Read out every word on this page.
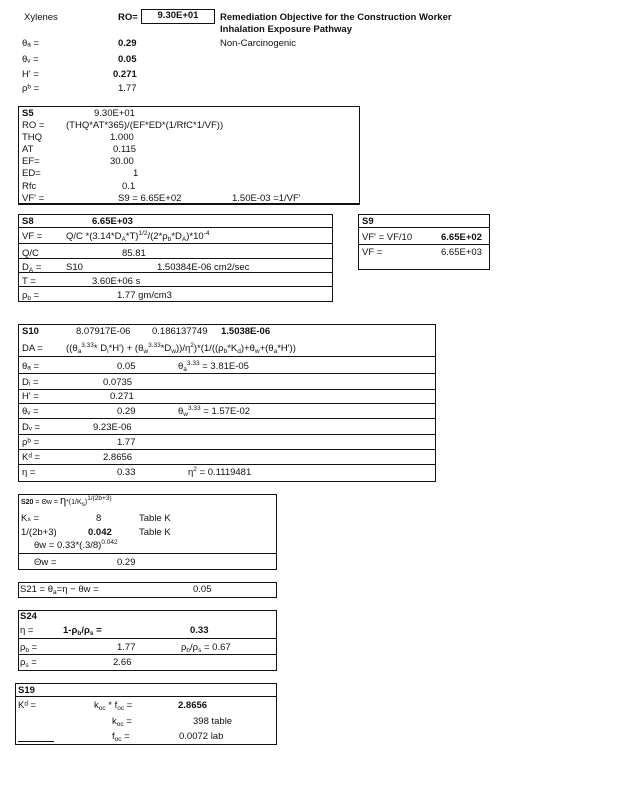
Xylenes	RO=	9.30E+01	Remediation Objective for the Construction Worker
Inhalation Exposure Pathway
Non-Carcinogenic
θₐ =	0.29
θᵥ =	0.05
H' =	0.271
ρᵇ =	1.77
S5	9.30E+01
RO = (THQ*AT*365)/(EF*ED*(1/RfC*1/VF))
THQ	1.000
AT	0.115
EF=	30.00
ED=	1
Rfc	0.1
VF' =	S9 = 6.65E+02	1.50E-03 =1/VF'
S8	6.65E+03
VF = Q/C $*(3.14*D_A*T)^{1/2}/(2*\rho_b*D_A)*10^{-4}$
Q/C	85.81
$D_A$ =	S10	1.50384E-06 cm2/sec
T =	3.60E+06 s
$\rho_b$ =	1.77 gm/cm3
S9
VF' = VF/10	6.65E+02
VF =	6.65E+03
S10	8.07917E-06 0.186137749 1.5038E-06
DA = (($\theta_a^{3.33}*$ $D_i*H') + (\theta_w^{3.33}*D_w))/\eta^2)*(1/((\rho_b*K_d)+\theta_w+(\theta_a*H'))$
θₐ =	0.05	$\theta_a^{3.33} = 3.81E-05$
Dᵢ =	0.0735
H' =	0.271
θᵥ =	0.29	$\theta_w^{3.33} = 1.57E-02$
Dᵥ =	9.23E-06
ρᵇ =	1.77
Kᵈ =	2.8656
η =	0.33	$\eta^2 = 0.1119481$
$S20 = \Theta w = \eta*(1/K_s)^{1/(2b+3)}$
Kₛ =	8	Table K
1/(2b+3)	0.042	Table K
$\theta w = 0.33*(.3/8)^{0.042}$
Θw =	0.29
$S21 = \theta_a=\eta - \theta w$ =	0.05
S24
η =	$1-\rho_b/\rho_s$ =	0.33
$\rho_b$ =	1.77	$\rho_b/\rho_s = 0.67$
$\rho_s$ =	2.66
S19
Kᵈ =	$k_{oc} * f_{oc}$ =	2.8656
$k_{oc}$ =	398 table
$f_{oc}$ =	0.0072 lab
